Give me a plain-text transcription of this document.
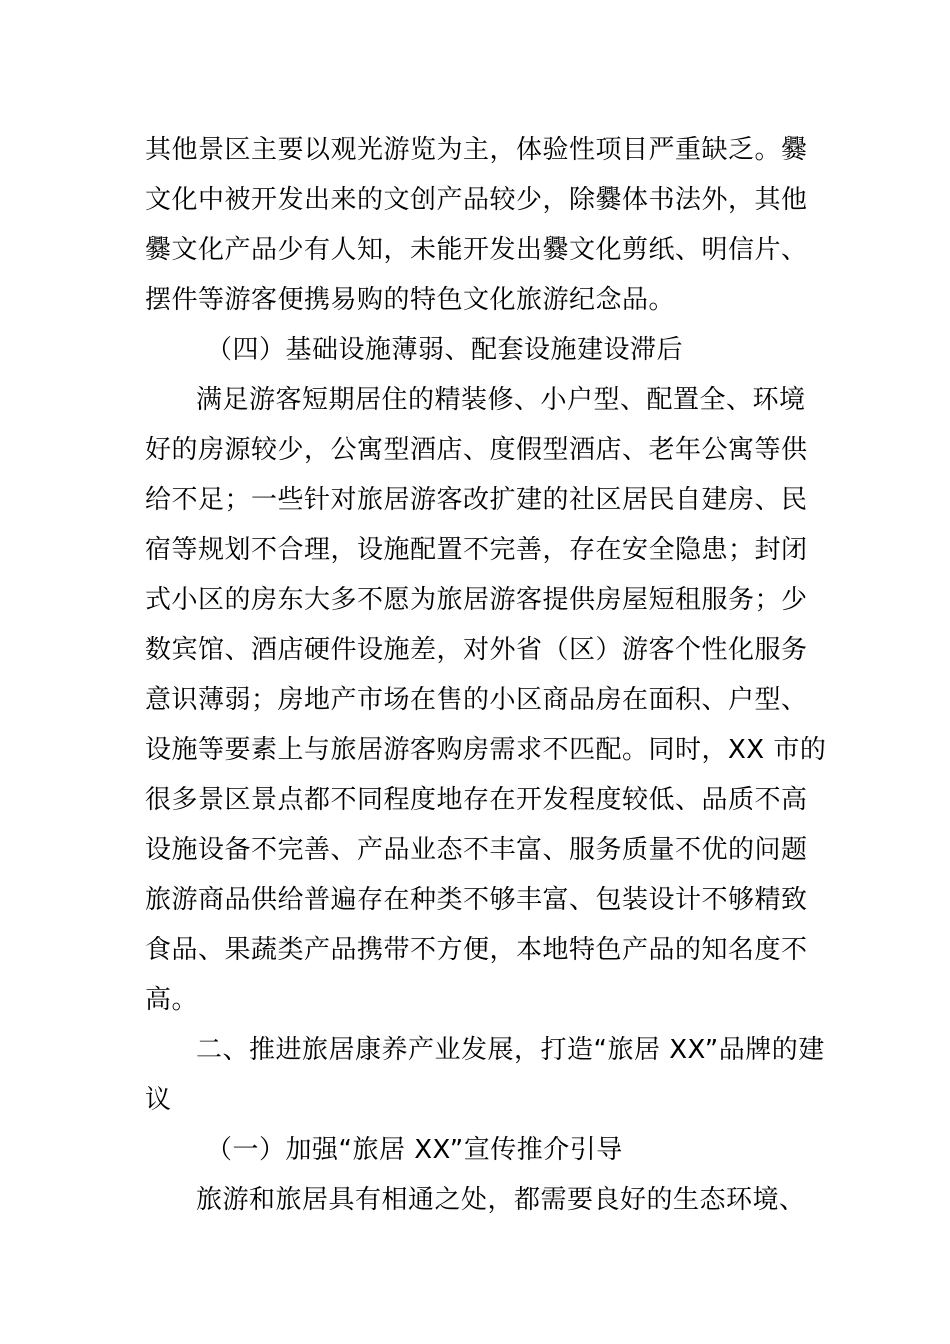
其他景区主要以观光游览为主，体验性项目严重缺乏。爨
文化中被开发出来的文创产品较少，除爨体书法外，其他
爨文化产品少有人知，未能开发出爨文化剪纸、明信片、
摆件等游客便携易购的特色文化旅游纪念品。
（四）基础设施薄弱、配套设施建设滞后
满足游客短期居住的精装修、小户型、配置全、环境
好的房源较少，公寓型酒店、度假型酒店、老年公寓等供
给不足；一些针对旅居游客改扩建的社区居民自建房、民
宿等规划不合理，设施配置不完善，存在安全隐患；封闭
式小区的房东大多不愿为旅居游客提供房屋短租服务；少
数宾馆、酒店硬件设施差，对外省（区）游客个性化服务
意识薄弱；房地产市场在售的小区商品房在面积、户型、
设施等要素上与旅居游客购房需求不匹配。同时，XX 市的
很多景区景点都不同程度地存在开发程度较低、品质不高
设施设备不完善、产品业态不丰富、服务质量不优的问题
旅游商品供给普遍存在种类不够丰富、包装设计不够精致
食品、果蔬类产品携带不方便，本地特色产品的知名度不
高。
二、推进旅居康养产业发展，打造“旅居 XX”品牌的建
议
（一）加强“旅居 XX”宣传推介引导
旅游和旅居具有相通之处，都需要良好的生态环境、
